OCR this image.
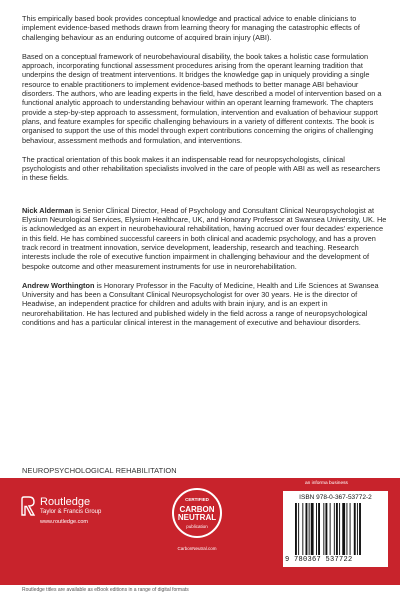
This empirically based book provides conceptual knowledge and practical advice to enable clinicians to implement evidence-based methods drawn from learning theory for managing the catastrophic effects of challenging behaviour as an enduring outcome of acquired brain injury (ABI).

Based on a conceptual framework of neurobehavioural disability, the book takes a holistic case formulation approach, incorporating functional assessment procedures arising from the operant learning tradition that underpins the design of treatment interventions. It bridges the knowledge gap in uniquely providing a single resource to enable practitioners to implement evidence-based methods to better manage ABI behaviour disorders. The authors, who are leading experts in the field, have described a model of intervention based on a functional analytic approach to understanding behaviour within an operant learning framework. The chapters provide a step-by-step approach to assessment, formulation, intervention and evaluation of behaviour support plans, and feature examples for specific challenging behaviours in a variety of different contexts. The book is organised to support the use of this model through expert contributions concerning the origins of challenging behaviour, assessment methods and formulation, and interventions.

The practical orientation of this book makes it an indispensable read for neuropsychologists, clinical psychologists and other rehabilitation specialists involved in the care of people with ABI as well as researchers in these fields.

Nick Alderman is Senior Clinical Director, Head of Psychology and Consultant Clinical Neuropsychologist at Elysium Neurological Services, Elysium Healthcare, UK, and Honorary Professor at Swansea University, UK. He is acknowledged as an expert in neurobehavioural rehabilitation, having accrued over four decades' experience in this field. He has combined successful careers in both clinical and academic psychology, and has a proven track record in treatment innovation, service development, leadership, research and teaching. Research interests include the role of executive function impairment in challenging behaviour and the development of bespoke outcome and other measurement instruments for use in neurorehabilitation.

Andrew Worthington is Honorary Professor in the Faculty of Medicine, Health and Life Sciences at Swansea University and has been a Consultant Clinical Neuropsychologist for over 30 years. He is the director of Headwise, an independent practice for children and adults with brain injury, and is an expert in neurorehabilitation. He has lectured and published widely in the field across a range of neuropsychological conditions and has a particular clinical interest in the management of executive and behaviour disorders.

NEUROPSYCHOLOGICAL REHABILITATION
Routledge
Taylor & Francis Group
www.routledge.com
CERTIFIED
CARBON
NEUTRAL
publication
CarbonNeutral.com
an informa business
ISBN 978-0-367-53772-2
9 780367 537722
Routledge titles are available as eBook editions in a range of digital formats
